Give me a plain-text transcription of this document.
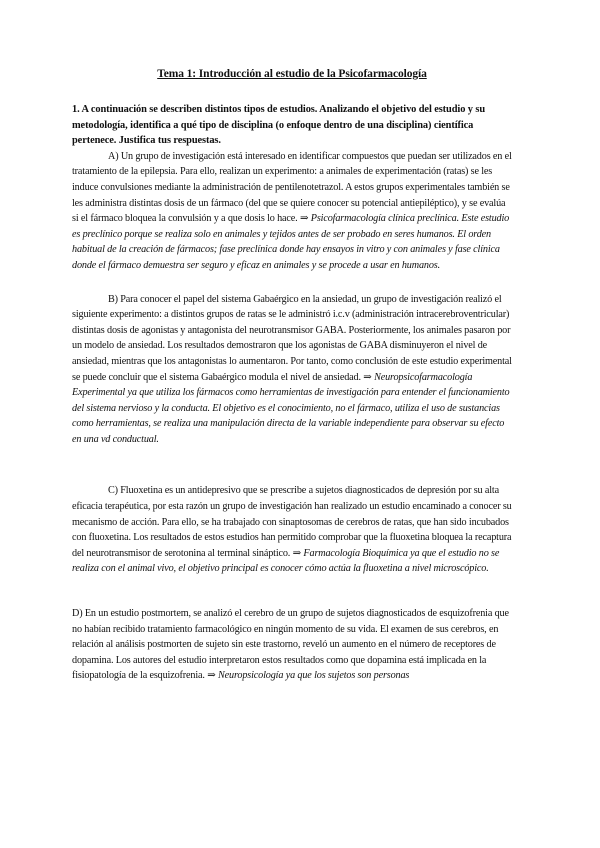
Tema 1: Introducción al estudio de la Psicofarmacología

1. A continuación se describen distintos tipos de estudios. Analizando el objetivo del estudio y su metodología, identifica a qué tipo de disciplina (o enfoque dentro de una disciplina) científica pertenece. Justifica tus respuestas.

A) Un grupo de investigación está interesado en identificar compuestos que puedan ser utilizados en el tratamiento de la epilepsia. Para ello, realizan un experimento: a animales de experimentación (ratas) se les induce convulsiones mediante la administración de pentilenotetrazol. A estos grupos experimentales también se les administra distintas dosis de un fármaco (del que se quiere conocer su potencial antiepiléptico), y se evalúa si el fármaco bloquea la convulsión y a que dosis lo hace. ⇒ Psicofarmacología clínica preclínica. Este estudio es preclínico porque se realiza solo en animales y tejidos antes de ser probado en seres humanos. El orden habitual de la creación de fármacos; fase preclínica donde hay ensayos in vitro y con animales y fase clínica donde el fármaco demuestra ser seguro y eficaz en animales y se procede a usar en humanos.

B) Para conocer el papel del sistema Gabaérgico en la ansiedad, un grupo de investigación realizó el siguiente experimento: a distintos grupos de ratas se le administró i.c.v (administración intracerebroventricular) distintas dosis de agonistas y antagonista del neurotransmisor GABA. Posteriormente, los animales pasaron por un modelo de ansiedad. Los resultados demostraron que los agonistas de GABA disminuyeron el nivel de ansiedad, mientras que los antagonistas lo aumentaron. Por tanto, como conclusión de este estudio experimental se puede concluir que el sistema Gabaérgico modula el nivel de ansiedad. ⇒ Neuropsicofarmacología Experimental ya que utiliza los fármacos como herramientas de investigación para entender el funcionamiento del sistema nervioso y la conducta. El objetivo es el conocimiento, no el fármaco, utiliza el uso de sustancias como herramientas, se realiza una manipulación directa de la variable independiente para observar su efecto en una vd conductual.

C) Fluoxetina es un antidepresivo que se prescribe a sujetos diagnosticados de depresión por su alta eficacia terapéutica, por esta razón un grupo de investigación han realizado un estudio encaminado a conocer su mecanismo de acción. Para ello, se ha trabajado con sinaptosomas de cerebros de ratas, que han sido incubados con fluoxetina. Los resultados de estos estudios han permitido comprobar que la fluoxetina bloquea la recaptura del neurotransmisor de serotonina al terminal sináptico. ⇒ Farmacología Bioquímica ya que el estudio no se realiza con el animal vivo, el objetivo principal es conocer cómo actúa la fluoxetina a nivel microscópico.

D) En un estudio postmortem, se analizó el cerebro de un grupo de sujetos diagnosticados de esquizofrenia que no habían recibido tratamiento farmacológico en ningún momento de su vida. El examen de sus cerebros, en relación al análisis postmorten de sujeto sin este trastorno, reveló un aumento en el número de receptores de dopamina. Los autores del estudio interpretaron estos resultados como que dopamina está implicada en la fisiopatología de la esquizofrenia. ⇒ Neuropsicología ya que los sujetos son personas
